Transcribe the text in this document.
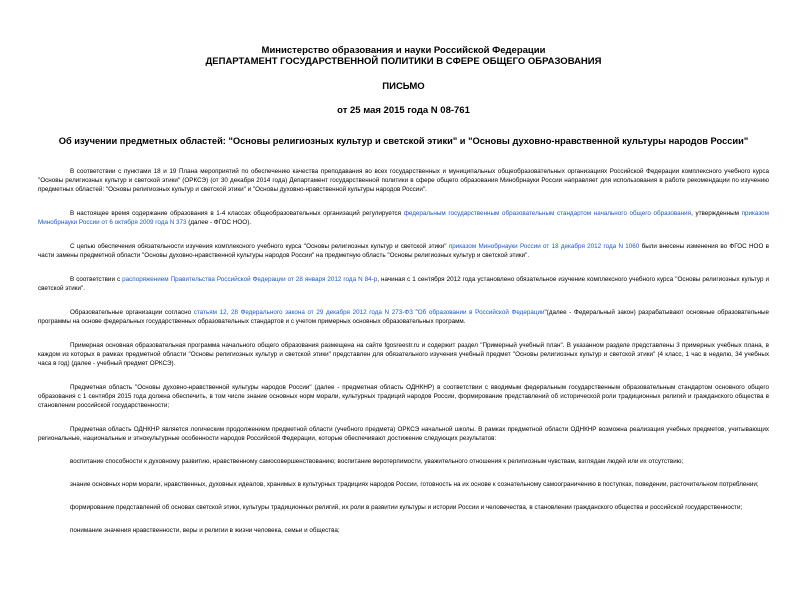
Министерство образования и науки Российской Федерации
ДЕПАРТАМЕНТ ГОСУДАРСТВЕННОЙ ПОЛИТИКИ В СФЕРЕ ОБЩЕГО ОБРАЗОВАНИЯ
ПИСЬМО
от 25 мая 2015 года N 08-761
Об изучении предметных областей: "Основы религиозных культур и светской этики" и "Основы духовно-нравственной культуры народов России"

В соответствии с пунктами 18 и 19 Плана мероприятий по обеспечению качества преподавания во всех государственных и муниципальных общеобразовательных организациях Российской Федерации комплексного учебного курса "Основы религиозных культур и светской этики" (ОРКСЭ) (от 30 декабря 2014 года) Департамент государственной политики в сфере общего образования Минобрнауки России направляет для использования в работе рекомендации по изучению предметных областей: "Основы религиозных культур и светской этики" и "Основы духовно-нравственной культуры народов России".

В настоящее время содержание образования в 1-4 классах общеобразовательных организаций регулируется федеральным государственным образовательным стандартом начального общего образования, утвержденным приказом Минобрнауки России от 6 октября 2009 года N 373 (далее - ФГОС НОО).

С целью обеспечения обязательности изучения комплексного учебного курса "Основы религиозных культур и светской этики" приказом Минобрнауки России от 18 декабря 2012 года N 1060 были внесены изменения во ФГОС НОО в части замены предметной области "Основы духовно-нравственной культуры народов России" на предметную область "Основы религиозных культур и светской этики".

В соответствии с распоряжением Правительства Российской Федерации от 28 января 2012 года N 84-р, начиная с 1 сентября 2012 года установлено обязательное изучение комплексного учебного курса "Основы религиозных культур и светской этики".

Образовательные организации согласно статьям 12, 28 Федерального закона от 29 декабря 2012 года N 273-ФЗ "Об образовании в Российской Федерации"(далее - Федеральный закон) разрабатывают основные образовательные программы на основе федеральных государственных образовательных стандартов и с учетом примерных основных образовательных программ.

Примерная основная образовательная программа начального общего образования размещена на сайте fgosreestr.ru и содержит раздел "Примерный учебный план". В указанном разделе представлены 3 примерных учебных плана, в каждом из которых в рамках предметной области "Основы религиозных культур и светской этики" представлен для обязательного изучения учебный предмет "Основы религиозных культур и светской этики" (4 класс, 1 час в неделю, 34 учебных часа в год) (далее - учебный предмет ОРКСЭ).

Предметная область "Основы духовно-нравственной культуры народов России" (далее - предметная область ОДНКНР) в соответствии с вводимым федеральным государственным образовательным стандартом основного общего образования с 1 сентября 2015 года должна обеспечить, в том числе знание основных норм морали, культурных традиций народов России, формирование представлений об исторической роли традиционных религий и гражданского общества в становлении российской государственности;

Предметная область ОДНКНР является логическим продолжением предметной области (учебного предмета) ОРКСЭ начальной школы. В рамках предметной области ОДНКНР возможна реализация учебных предметов, учитывающих региональные, национальные и этнокультурные особенности народов Российской Федерации, которые обеспечивают достижение следующих результатов:

воспитание способности к духовному развитию, нравственному самосовершенствованию; воспитание веротерпимости, уважительного отношения к религиозным чувствам, взглядам людей или их отсутствию;

знание основных норм морали, нравственных, духовных идеалов, хранимых в культурных традициях народов России, готовность на их основе к сознательному самоограничению в поступках, поведении, расточительном потреблении;

формирование представлений об основах светской этики, культуры традиционных религий, их роли в развитии культуры и истории России и человечества, в становлении гражданского общества и российской государственности;

понимание значения нравственности, веры и религии в жизни человека, семьи и общества;
